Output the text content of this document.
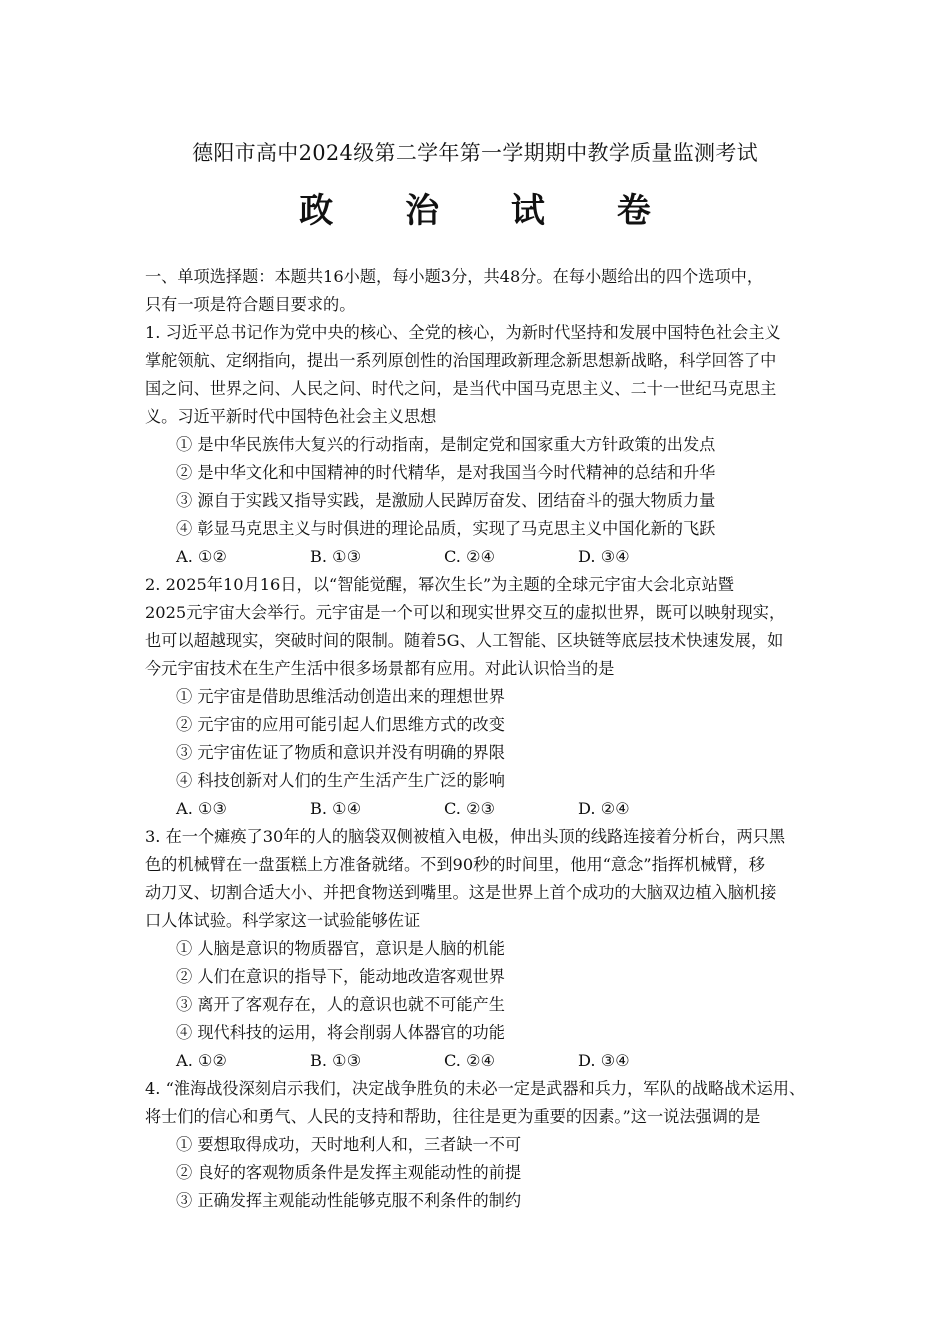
德阳市高中2024级第二学年第一学期期中教学质量监测考试
政 治 试 卷
一、单项选择题：本题共16小题，每小题3分，共48分。在每小题给出的四个选项中，
只有一项是符合题目要求的。
1. 习近平总书记作为党中央的核心、全党的核心，为新时代坚持和发展中国特色社会主义
掌舵领航、定纲指向，提出一系列原创性的治国理政新理念新思想新战略，科学回答了中
国之问、世界之问、人民之问、时代之问，是当代中国马克思主义、二十一世纪马克思主
义。习近平新时代中国特色社会主义思想
① 是中华民族伟大复兴的行动指南，是制定党和国家重大方针政策的出发点
② 是中华文化和中国精神的时代精华，是对我国当今时代精神的总结和升华
③ 源自于实践又指导实践，是激励人民踔厉奋发、团结奋斗的强大物质力量
④ 彰显马克思主义与时俱进的理论品质，实现了马克思主义中国化新的飞跃
A. ①②	B. ①③	C. ②④	D. ③④
2. 2025年10月16日，以“智能觉醒，幂次生长”为主题的全球元宇宙大会北京站暨
2025元宇宙大会举行。元宇宙是一个可以和现实世界交互的虚拟世界，既可以映射现实，
也可以超越现实，突破时间的限制。随着5G、人工智能、区块链等底层技术快速发展，如
今元宇宙技术在生产生活中很多场景都有应用。对此认识恰当的是
① 元宇宙是借助思维活动创造出来的理想世界
② 元宇宙的应用可能引起人们思维方式的改变
③ 元宇宙佐证了物质和意识并没有明确的界限
④ 科技创新对人们的生产生活产生广泛的影响
A. ①③	B. ①④	C. ②③	D. ②④
3. 在一个瘫痪了30年的人的脑袋双侧被植入电极，伸出头顶的线路连接着分析台，两只黑
色的机械臂在一盘蛋糕上方准备就绪。不到90秒的时间里，他用“意念”指挥机械臂，移
动刀叉、切割合适大小、并把食物送到嘴里。这是世界上首个成功的大脑双边植入脑机接
口人体试验。科学家这一试验能够佐证
① 人脑是意识的物质器官，意识是人脑的机能
② 人们在意识的指导下，能动地改造客观世界
③ 离开了客观存在，人的意识也就不可能产生
④ 现代科技的运用，将会削弱人体器官的功能
A. ①②	B. ①③	C. ②④	D. ③④
4. “淮海战役深刻启示我们，决定战争胜负的未必一定是武器和兵力，军队的战略战术运用、
将士们的信心和勇气、人民的支持和帮助，往往是更为重要的因素。”这一说法强调的是
① 要想取得成功，天时地利人和，三者缺一不可
② 良好的客观物质条件是发挥主观能动性的前提
③ 正确发挥主观能动性能够克服不利条件的制约
